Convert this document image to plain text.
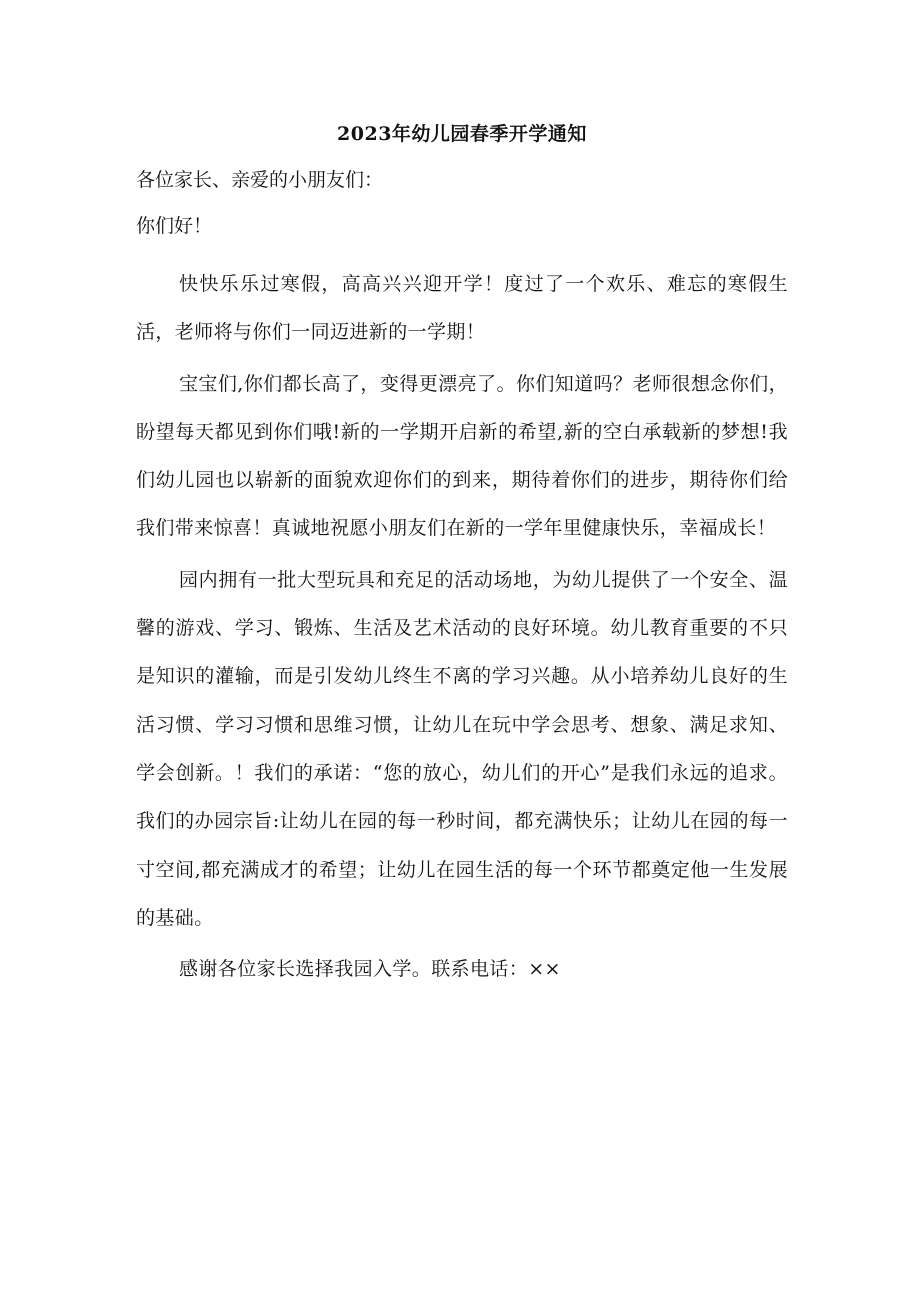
2023年幼儿园春季开学通知

各位家长、亲爱的小朋友们：

你们好！

快快乐乐过寒假，高高兴兴迎开学！度过了一个欢乐、难忘的寒假生活，老师将与你们一同迈进新的一学期！

宝宝们,你们都长高了，变得更漂亮了。你们知道吗？老师很想念你们，盼望每天都见到你们哦!新的一学期开启新的希望,新的空白承载新的梦想!我们幼儿园也以崭新的面貌欢迎你们的到来，期待着你们的进步，期待你们给我们带来惊喜！真诚地祝愿小朋友们在新的一学年里健康快乐，幸福成长！

园内拥有一批大型玩具和充足的活动场地，为幼儿提供了一个安全、温馨的游戏、学习、锻炼、生活及艺术活动的良好环境。幼儿教育重要的不只是知识的灌输，而是引发幼儿终生不离的学习兴趣。从小培养幼儿良好的生活习惯、学习习惯和思维习惯，让幼儿在玩中学会思考、想象、满足求知、学会创新。！我们的承诺：“您的放心，幼儿们的开心”是我们永远的追求。我们的办园宗旨:让幼儿在园的每一秒时间，都充满快乐；让幼儿在园的每一寸空间,都充满成才的希望；让幼儿在园生活的每一个环节都奠定他一生发展的基础。

感谢各位家长选择我园入学。联系电话：××
